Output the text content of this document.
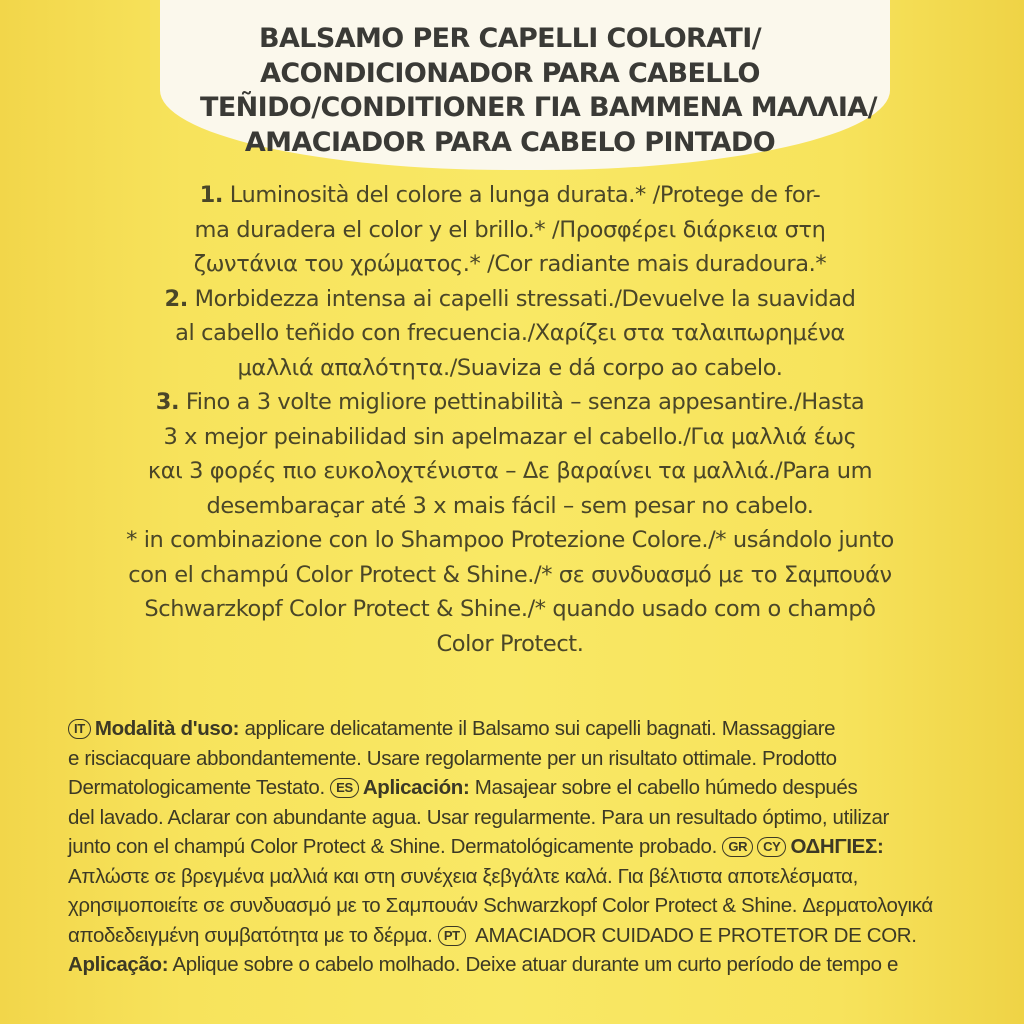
BALSAMO PER CAPELLI COLORATI/
ACONDICIONADOR PARA CABELLO
TEÑIDO/CONDITIONER ΓΙΑ ΒΑΜΜΕΝΑ ΜΑΛΛΙΑ/
AMACIADOR PARA CABELO PINTADO
1. Luminosità del colore a lunga durata.* /Protege de for-
ma duradera el color y el brillo.* /Προσφέρει διάρκεια στη
ζωντάνια του χρώματος.* /Cor radiante mais duradoura.*
2. Morbidezza intensa ai capelli stressati./Devuelve la suavidad
al cabello teñido con frecuencia./Χαρίζει στα ταλαιπωρημένα
μαλλιά απαλότητα./Suaviza e dá corpo ao cabelo.
3. Fino a 3 volte migliore pettinabilità – senza appesantire./Hasta
3 x mejor peinabilidad sin apelmazar el cabello./Για μαλλιά έως
και 3 φορές πιο ευκολοχτένιστα – Δε βαραίνει τα μαλλιά./Para um
desembaraçar até 3 x mais fácil – sem pesar no cabelo.
* in combinazione con lo Shampoo Protezione Colore./* usándolo junto
con el champú Color Protect & Shine./* σε συνδυασμό με το Σαμπουάν
Schwarzkopf Color Protect & Shine./* quando usado com o champô
Color Protect.
IT Modalità d'uso: applicare delicatamente il Balsamo sui capelli bagnati. Massaggiare
e risciacquare abbondantemente. Usare regolarmente per un risultato ottimale. Prodotto
Dermatologicamente Testato. ES Aplicación: Masajear sobre el cabello húmedo después
del lavado. Aclarar con abundante agua. Usar regularmente. Para un resultado óptimo, utilizar
junto con el champú Color Protect & Shine. Dermatológicamente probado. GR CY ΟΔΗΓΙΕΣ:
Απλώστε σε βρεγμένα μαλλιά και στη συνέχεια ξεβγάλτε καλά. Για βέλτιστα αποτελέσματα,
χρησιμοποιείτε σε συνδυασμό με το Σαμπουάν Schwarzkopf Color Protect & Shine. Δερματολογικά
αποδεδειγμένη συμβατότητα με το δέρμα. PT AMACIADOR CUIDADO E PROTETOR DE COR.
Aplicação: Aplique sobre o cabelo molhado. Deixe atuar durante um curto período de tempo e
